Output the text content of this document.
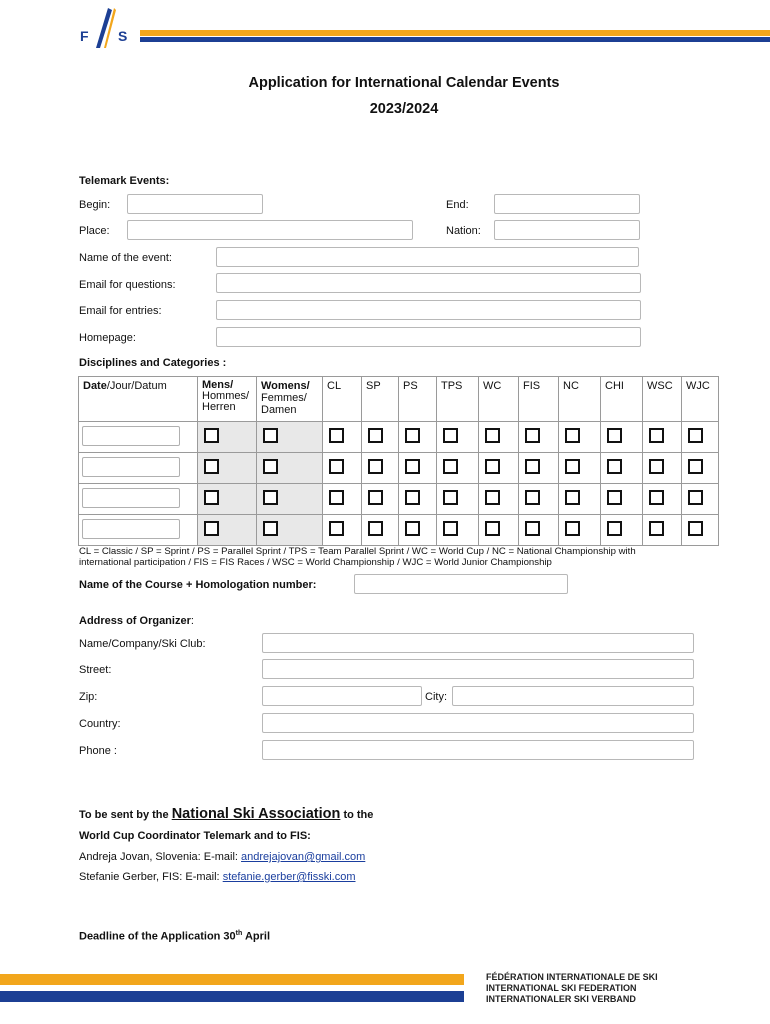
F S
Application for International Calendar Events
2023/2024
Telemark Events:
Begin:	End:
Place:	Nation:
Name of the event:
Email for questions:
Email for entries:
Homepage:
Disciplines and Categories :
Date/Jour/Datum	Mens/
Hommes/
Herren	Womens/
Femmes/
Damen	CL	SP	PS	TPS	WC	FIS	NC	CHI	WSC	WJC

CL = Classic / SP = Sprint / PS = Parallel Sprint / TPS = Team Parallel Sprint / WC = World Cup / NC = National Championship with
international participation / FIS = FIS Races / WSC = World Championship / WJC = World Junior Championship
Name of the Course + Homologation number:
Address of Organizer:
Name/Company/Ski Club:
Street:
Zip:	City:
Country:
Phone :
To be sent by the National Ski Association to the
World Cup Coordinator Telemark and to FIS:
Andreja Jovan, Slovenia: E-mail: andrejajovan@gmail.com
Stefanie Gerber, FIS: E-mail: stefanie.gerber@fisski.com
Deadline of the Application 30th April
FÉDÉRATION INTERNATIONALE DE SKI
INTERNATIONAL SKI FEDERATION
INTERNATIONALER SKI VERBAND
